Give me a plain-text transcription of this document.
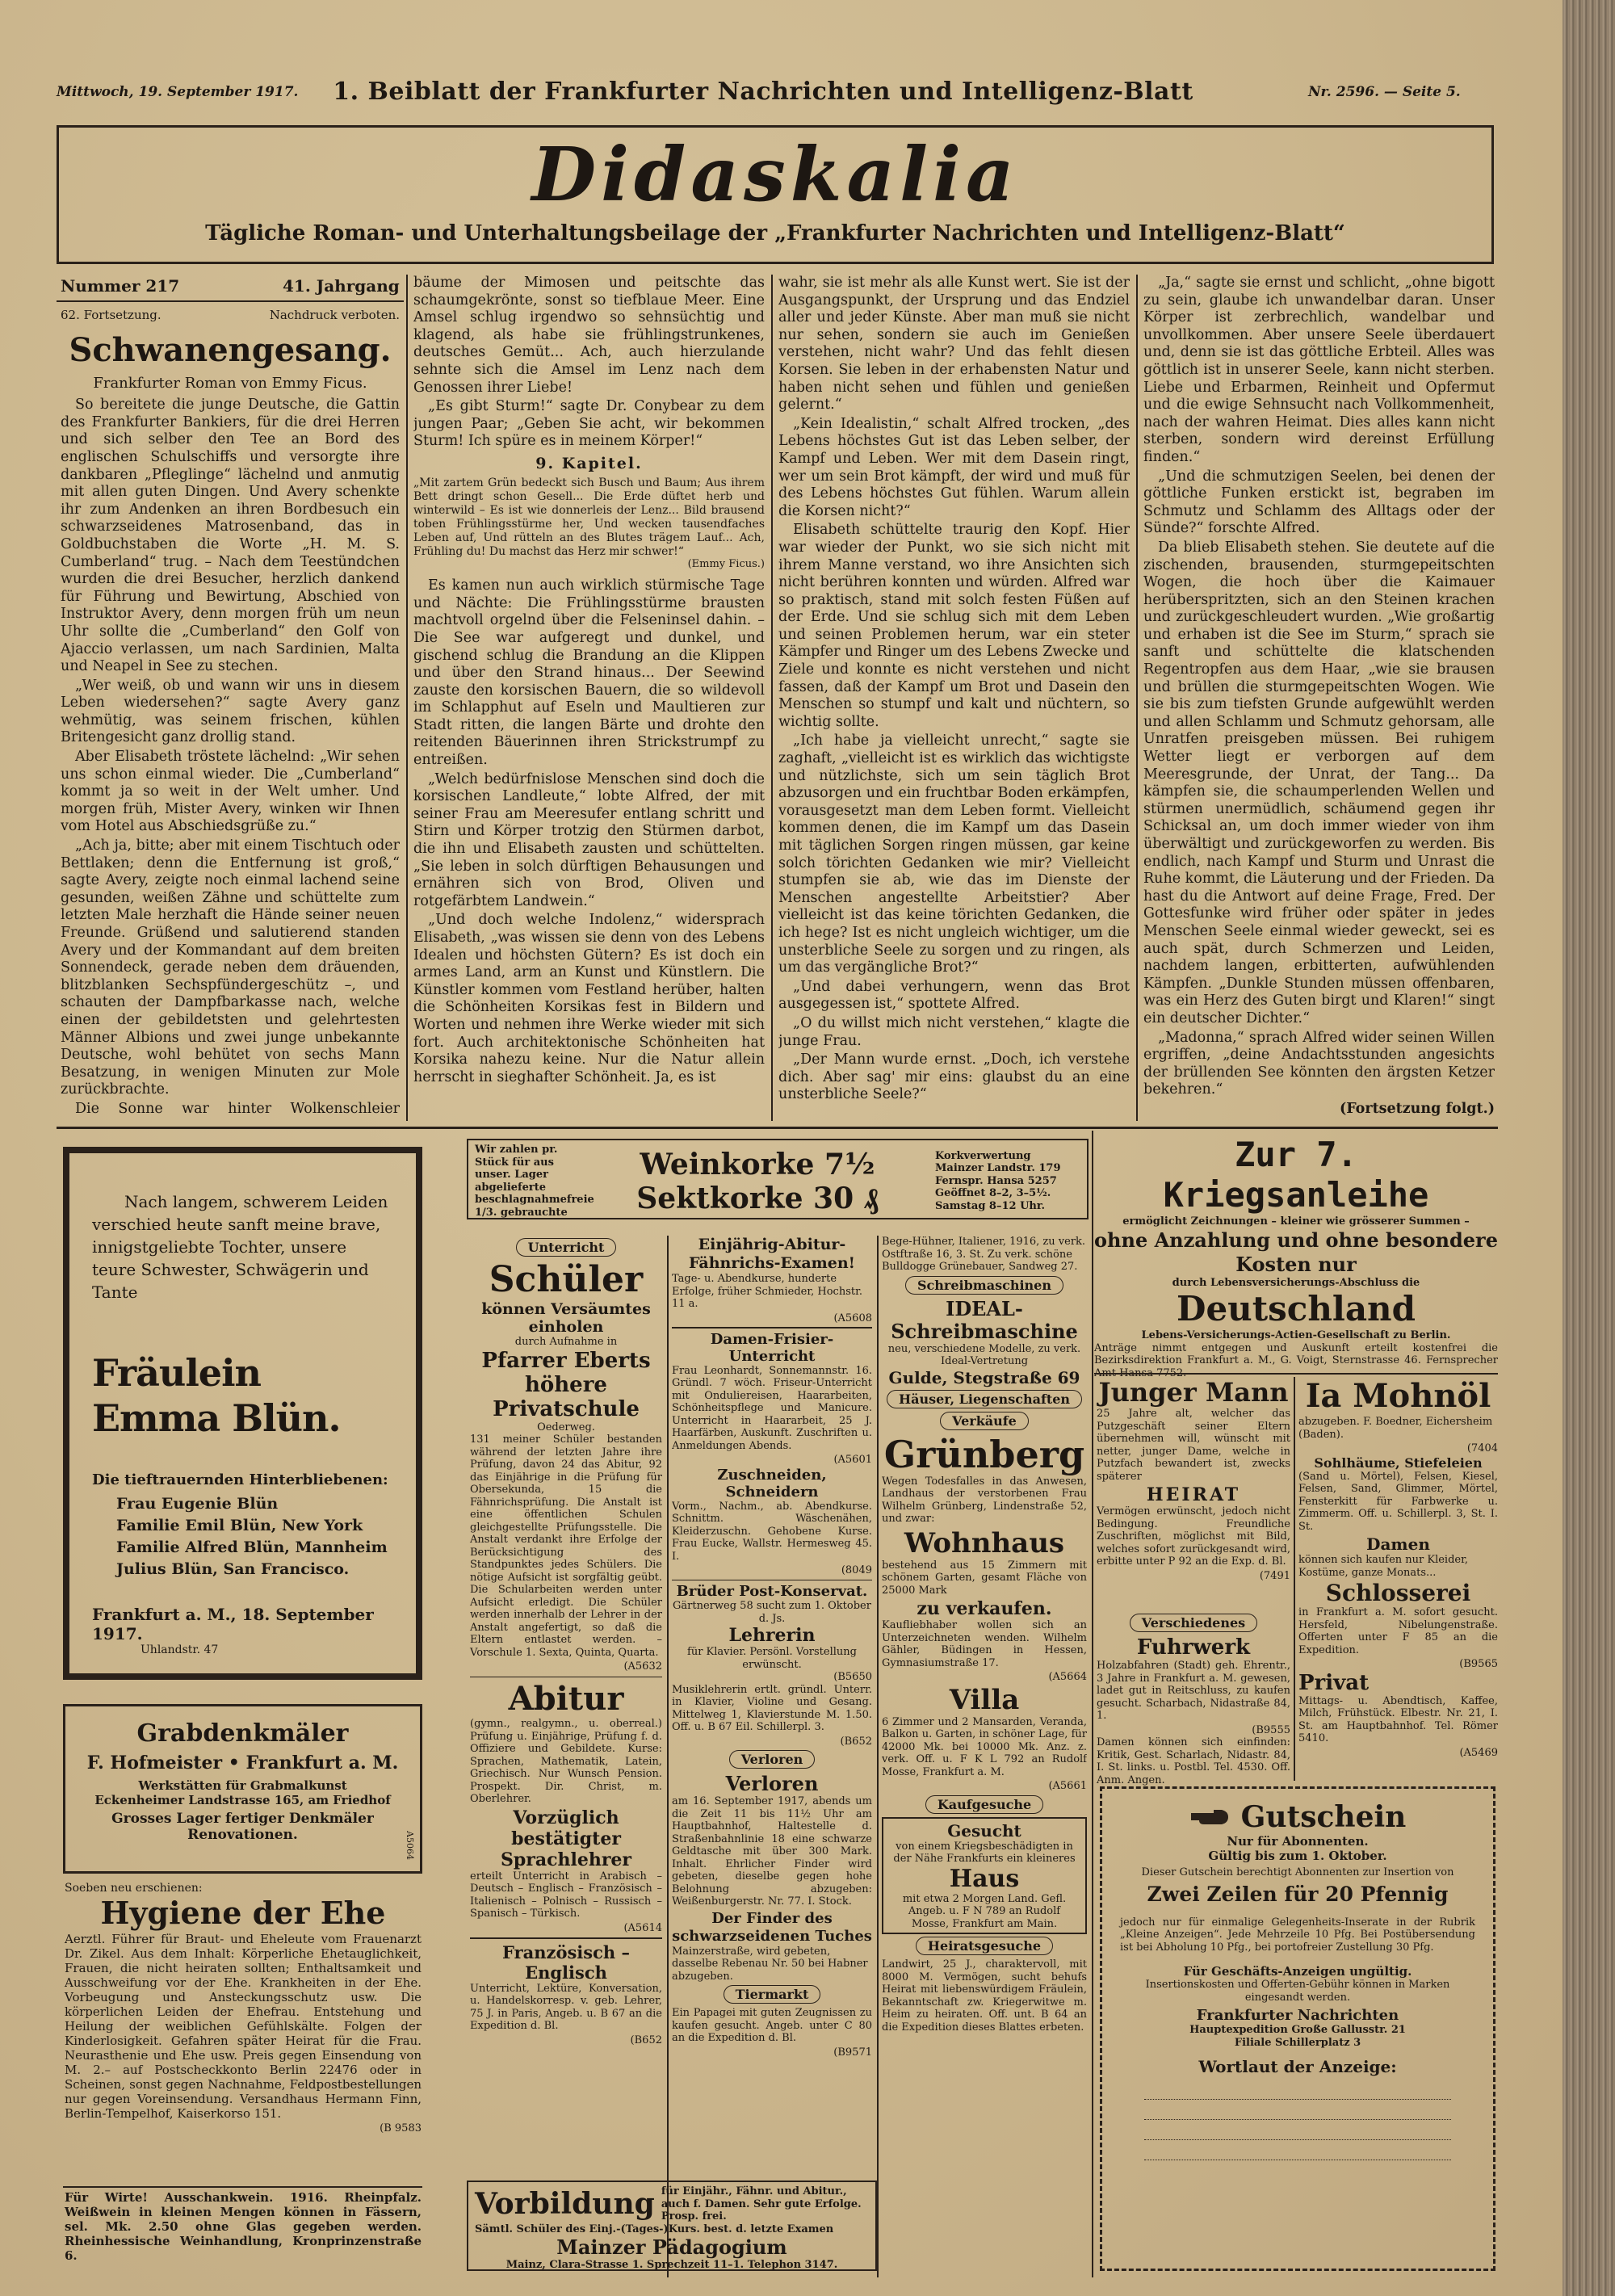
Mittwoch, 19. September 1917.	1. Beiblatt der Frankfurter Nachrichten und Intelligenz-Blatt	Nr. 2596. — Seite 5.
Didaskalia
Tägliche Roman- und Unterhaltungsbeilage der „Frankfurter Nachrichten und Intelligenz-Blatt“
Nummer 217	41. Jahrgang
62. Fortsetzung.	Nachdruck verboten.
Schwanengesang.
Frankfurter Roman von Emmy Ficus.

So bereitete die junge Deutsche, die Gattin des Frankfurter Bankiers, für die drei Herren und sich selber den Tee an Bord des englischen Schulschiffs und versorgte ihre dankbaren „Pfleglinge“ lächelnd und anmutig mit allen guten Dingen. Und Avery schenkte ihr zum Andenken an ihren Bordbesuch ein schwarzseidenes Matrosenband, das in Goldbuchstaben die Worte „H. M. S. Cumberland“ trug. – Nach dem Teestündchen wurden die drei Besucher, herzlich dankend für Führung und Bewirtung, Abschied von Instruktor Avery, denn morgen früh um neun Uhr sollte die „Cumberland“ den Golf von Ajaccio verlassen, um nach Sardinien, Malta und Neapel in See zu stechen.

„Wer weiß, ob und wann wir uns in diesem Leben wiedersehen?“ sagte Avery ganz wehmütig, was seinem frischen, kühlen Britengesicht ganz drollig stand.

Aber Elisabeth tröstete lächelnd: „Wir sehen uns schon einmal wieder. Die „Cumberland“ kommt ja so weit in der Welt umher. Und morgen früh, Mister Avery, winken wir Ihnen vom Hotel aus Abschiedsgrüße zu.“

„Ach ja, bitte; aber mit einem Tischtuch oder Bettlaken; denn die Entfernung ist groß,“ sagte Avery, zeigte noch einmal lachend seine gesunden, weißen Zähne und schüttelte zum letzten Male herzhaft die Hände seiner neuen Freunde. Grüßend und salutierend standen Avery und der Kommandant auf dem breiten Sonnendeck, gerade neben dem dräuenden, blitzblanken Sechspfündergeschütz –, und schauten der Dampfbarkasse nach, welche einen der gebildetsten und gelehrtesten Männer Albions und zwei junge unbekannte Deutsche, wohl behütet von sechs Mann Besatzung, in wenigen Minuten zur Mole zurückbrachte.

Die Sonne war hinter Wolkenschleier

bäume der Mimosen und peitschte das schaumgekrönte, sonst so tiefblaue Meer. Eine Amsel schlug irgendwo so sehnsüchtig und klagend, als habe sie frühlingstrunkenes, deutsches Gemüt... Ach, auch hierzulande sehnte sich die Amsel im Lenz nach dem Genossen ihrer Liebe!

„Es gibt Sturm!“ sagte Dr. Conybear zu dem jungen Paar; „Geben Sie acht, wir bekommen Sturm! Ich spüre es in meinem Körper!“

9. Kapitel.

„Mit zartem Grün bedeckt sich Busch und Baum; Aus ihrem Bett dringt schon Gesell... Die Erde düftet herb und winterwild – Es ist wie donnerleis der Lenz... Bild brausend toben Frühlingsstürme her, Und wecken tausendfaches Leben auf, Und rütteln an des Blutes trägem Lauf... Ach, Frühling du! Du machst das Herz mir schwer!“

(Emmy Ficus.)

Es kamen nun auch wirklich stürmische Tage und Nächte: Die Frühlingsstürme brausten machtvoll orgelnd über die Felseninsel dahin. – Die See war aufgeregt und dunkel, und gischend schlug die Brandung an die Klippen und über den Strand hinaus... Der Seewind zauste den korsischen Bauern, die so wildevoll im Schlapphut auf Eseln und Maultieren zur Stadt ritten, die langen Bärte und drohte den reitenden Bäuerinnen ihren Strickstrumpf zu entreißen.

„Welch bedürfnislose Menschen sind doch die korsischen Landleute,“ lobte Alfred, der mit seiner Frau am Meeresufer entlang schritt und Stirn und Körper trotzig den Stürmen darbot, die ihn und Elisabeth zausten und schüttelten. „Sie leben in solch dürftigen Behausungen und ernähren sich von Brod, Oliven und rotgefärbtem Landwein.“

„Und doch welche Indolenz,“ widersprach Elisabeth, „was wissen sie denn von des Lebens Idealen und höchsten Gütern? Es ist doch ein armes Land, arm an Kunst und Künstlern. Die Künstler kommen vom Festland herüber, halten die Schönheiten Korsikas fest in Bildern und Worten und nehmen ihre Werke wieder mit sich fort. Auch architektonische Schönheiten hat Korsika nahezu keine. Nur die Natur allein herrscht in sieghafter Schönheit. Ja, es ist

wahr, sie ist mehr als alle Kunst wert. Sie ist der Ausgangspunkt, der Ursprung und das Endziel aller und jeder Künste. Aber man muß sie nicht nur sehen, sondern sie auch im Genießen verstehen, nicht wahr? Und das fehlt diesen Korsen. Sie leben in der erhabensten Natur und haben nicht sehen und fühlen und genießen gelernt.“

„Kein Idealistin,“ schalt Alfred trocken, „des Lebens höchstes Gut ist das Leben selber, der Kampf und Leben. Wer mit dem Dasein ringt, wer um sein Brot kämpft, der wird und muß für des Lebens höchstes Gut fühlen. Warum allein die Korsen nicht?“

Elisabeth schüttelte traurig den Kopf. Hier war wieder der Punkt, wo sie sich nicht mit ihrem Manne verstand, wo ihre Ansichten sich nicht berühren konnten und würden. Alfred war so praktisch, stand mit solch festen Füßen auf der Erde. Und sie schlug sich mit dem Leben und seinen Problemen herum, war ein steter Kämpfer und Ringer um des Lebens Zwecke und Ziele und konnte es nicht verstehen und nicht fassen, daß der Kampf um Brot und Dasein den Menschen so stumpf und kalt und nüchtern, so wichtig sollte.

„Ich habe ja vielleicht unrecht,“ sagte sie zaghaft, „vielleicht ist es wirklich das wichtigste und nützlichste, sich um sein täglich Brot abzusorgen und ein fruchtbar Boden erkämpfen, vorausgesetzt man dem Leben formt. Vielleicht kommen denen, die im Kampf um das Dasein mit täglichen Sorgen ringen müssen, gar keine solch törichten Gedanken wie mir? Vielleicht stumpfen sie ab, wie das im Dienste der Menschen angestellte Arbeitstier? Aber vielleicht ist das keine törichten Gedanken, die ich hege? Ist es nicht ungleich wichtiger, um die unsterbliche Seele zu sorgen und zu ringen, als um das vergängliche Brot?“

„Und dabei verhungern, wenn das Brot ausgegessen ist,“ spottete Alfred.

„O du willst mich nicht verstehen,“ klagte die junge Frau.

„Der Mann wurde ernst. „Doch, ich verstehe dich. Aber sag' mir eins: glaubst du an eine unsterbliche Seele?“

„Ja,“ sagte sie ernst und schlicht, „ohne bigott zu sein, glaube ich unwandelbar daran. Unser Körper ist zerbrechlich, wandelbar und unvollkommen. Aber unsere Seele überdauert und, denn sie ist das göttliche Erbteil. Alles was göttlich ist in unserer Seele, kann nicht sterben. Liebe und Erbarmen, Reinheit und Opfermut und die ewige Sehnsucht nach Vollkommenheit, nach der wahren Heimat. Dies alles kann nicht sterben, sondern wird dereinst Erfüllung finden.“

„Und die schmutzigen Seelen, bei denen der göttliche Funken erstickt ist, begraben im Schmutz und Schlamm des Alltags oder der Sünde?“ forschte Alfred.

Da blieb Elisabeth stehen. Sie deutete auf die zischenden, brausenden, sturmgepeitschten Wogen, die hoch über die Kaimauer herüberspritzten, sich an den Steinen krachen und zurückgeschleudert wurden. „Wie großartig und erhaben ist die See im Sturm,“ sprach sie sanft und schüttelte die klatschenden Regentropfen aus dem Haar, „wie sie brausen und brüllen die sturmgepeitschten Wogen. Wie sie bis zum tiefsten Grunde aufgewühlt werden und allen Schlamm und Schmutz gehorsam, alle Unratfen preisgeben müssen. Bei ruhigem Wetter liegt er verborgen auf dem Meeresgrunde, der Unrat, der Tang... Da kämpfen sie, die schaumperlenden Wellen und stürmen unermüdlich, schäumend gegen ihr Schicksal an, um doch immer wieder von ihm überwältigt und zurückgeworfen zu werden. Bis endlich, nach Kampf und Sturm und Unrast die Ruhe kommt, die Läuterung und der Frieden. Da hast du die Antwort auf deine Frage, Fred. Der Gottesfunke wird früher oder später in jedes Menschen Seele einmal wieder geweckt, sei es auch spät, durch Schmerzen und Leiden, nachdem langen, erbitterten, aufwühlenden Kämpfen. „Dunkle Stunden müssen offenbaren, was ein Herz des Guten birgt und Klaren!“ singt ein deutscher Dichter.“

„Madonna,“ sprach Alfred wider seinen Willen ergriffen, „deine Andachtsstunden angesichts der brüllenden See könnten den ärgsten Ketzer bekehren.“

(Fortsetzung folgt.)

Nach langem, schwerem Leiden verschied heute sanft meine brave, innigstgeliebte Tochter, unsere teure Schwester, Schwägerin und Tante

Fräulein Emma Blün.
Die tieftrauernden Hinterbliebenen:
Frau Eugenie Blün
Familie Emil Blün, New York
Familie Alfred Blün, Mannheim
Julius Blün, San Francisco.
Frankfurt a. M., 18. September 1917.
Uhlandstr. 47

Grabdenkmäler
F. Hofmeister • Frankfurt a. M.
Werkstätten für Grabmalkunst
Eckenheimer Landstrasse 165, am Friedhof
Grosses Lager fertiger Denkmäler
Renovationen.	A5064
Soeben neu erschienen:
Hygiene der Ehe

Aerztl. Führer für Braut- und Eheleute vom Frauenarzt Dr. Zikel. Aus dem Inhalt: Körperliche Ehetauglichkeit, Frauen, die nicht heiraten sollten; Enthaltsamkeit und Ausschweifung vor der Ehe. Krankheiten in der Ehe. Vorbeugung und Ansteckungsschutz usw. Die körperlichen Leiden der Ehefrau. Entstehung und Heilung der weiblichen Gefühlskälte. Folgen der Kinderlosigkeit. Gefahren später Heirat für die Frau. Neurasthenie und Ehe usw. Preis gegen Einsendung von M. 2.– auf Postscheckkonto Berlin 22476 oder in Scheinen, sonst gegen Nachnahme, Feldpostbestellungen nur gegen Voreinsendung. Versandhaus Hermann Finn, Berlin-Tempelhof, Kaiserkorso 151.

(B 9583
Für Wirte! Ausschankwein. 1916. Rheinpfalz. Weißwein in kleinen Mengen können in Fässern, sel. Mk. 2.50 ohne Glas gegeben werden. Rheinhessische Weinhandlung, Kronprinzenstraße 6.
Wir zahlen pr. Stück für aus unser. Lager abgelieferte beschlagnahmefreie 1/3. gebrauchte
Weinkorke 7½ Sektkorke 30 ₰
Korkverwertung Mainzer Landstr. 179 Fernspr. Hansa 5257 Geöffnet 8–2, 3–5½. Samstag 8–12 Uhr.
Unterricht
Schüler
können Versäumtes einholen
durch Aufnahme in
Pfarrer Eberts höhere Privatschule
Oederweg.

131 meiner Schüler bestanden während der letzten Jahre ihre Prüfung, davon 24 das Abitur, 92 das Einjährige in die Prüfung für Obersekunda, 15 die Fähnrichsprüfung. Die Anstalt ist eine öffentlichen Schulen gleichgestellte Prüfungsstelle. Die Anstalt verdankt ihre Erfolge der Berücksichtigung des Standpunktes jedes Schülers. Die nötige Aufsicht ist sorgfältig geübt. Die Schularbeiten werden unter Aufsicht erledigt. Die Schüler werden innerhalb der Lehrer in der Anstalt angefertigt, so daß die Eltern entlastet werden. – Vorschule 1. Sexta, Quinta, Quarta.

(A5632
Abitur

(gymn., realgymn., u. oberreal.) Prüfung u. Einjährige, Prüfung f. d. Offiziere und Gebildete. Kurse: Sprachen, Mathematik, Latein, Griechisch. Nur Wunsch Pension. Prospekt. Dir. Christ, m. Oberlehrer.

Vorzüglich bestätigter Sprachlehrer

erteilt Unterricht in Arabisch – Deutsch – Englisch – Französisch – Italienisch – Polnisch – Russisch – Spanisch – Türkisch.

(A5614
Französisch – Englisch

Unterricht, Lektüre, Konversation, u. Handelskorresp. v. geb. Lehrer, 75 J. in Paris, Angeb. u. B 67 an die Expedition d. Bl.

(B652
Vorbildung für Einjähr., Fähnr. und Abitur., auch f. Damen. Sehr gute Erfolge. Prosp. frei.
Sämtl. Schüler des Einj.-(Tages-)Kurs. best. d. letzte Examen
Mainzer Pädagogium
Mainz, Clara-Strasse 1. Sprechzeit 11–1. Telephon 3147.
Einjährig-Abitur-Fähnrichs-Examen!

Tage- u. Abendkurse, hunderte Erfolge, früher Schmieder, Hochstr. 11 a.

(A5608
Damen-Frisier-Unterricht

Frau Leonhardt, Sonnemannstr. 16. Gründl. 7 wöch. Friseur-Unterricht mit Onduliereisen, Haararbeiten, Schönheitspflege und Manicure. Unterricht in Haararbeit, 25 J. Haarfärben, Auskunft. Zuschriften u. Anmeldungen Abends.

(A5601
Zuschneiden, Schneidern

Vorm., Nachm., ab. Abendkurse. Schnittm. Wäschenähen, Kleiderzuschn. Gehobene Kurse. Frau Eucke, Wallstr. Hermesweg 45. I.

(8049
Brüder Post-Konservat.
Gärtnerweg 58 sucht zum 1. Oktober d. Js.
Lehrerin
für Klavier. Persönl. Vorstellung erwünscht.
(B5650

Musiklehrerin ertlt. gründl. Unterr. in Klavier, Violine und Gesang. Mittelweg 1, Klavierstunde M. 1.50. Off. u. B 67 Eil. Schillerpl. 3.

(B652
Verloren
Verloren

am 16. September 1917, abends um die Zeit 11 bis 11½ Uhr am Hauptbahnhof, Haltestelle d. Straßenbahnlinie 18 eine schwarze Geldtasche mit über 300 Mark. Inhalt. Ehrlicher Finder wird gebeten, dieselbe gegen hohe Belohnung abzugeben: Weißenburgerstr. Nr. 77. I. Stock.

Der Finder des schwarzseidenen Tuches

Mainzerstraße, wird gebeten, dasselbe Rebenau Nr. 50 bei Habner abzugeben.

Tiermarkt

Ein Papagei mit guten Zeugnissen zu kaufen gesucht. Angeb. unter C 80 an die Expedition d. Bl.

(B9571

Bege-Hühner, Italiener, 1916, zu verk. Ostftraße 16, 3. St. Zu verk. schöne Bulldogge Grünebauer, Sandweg 27.

Schreibmaschinen
IDEAL-Schreibmaschine
neu, verschiedene Modelle, zu verk. Ideal-Vertretung
Gulde, Stegstraße 69
Häuser, Liegenschaften
Verkäufe
Grünberg

Wegen Todesfalles in das Anwesen, Landhaus der verstorbenen Frau Wilhelm Grünberg, Lindenstraße 52, und zwar:

Wohnhaus

bestehend aus 15 Zimmern mit schönem Garten, gesamt Fläche von 25000 Mark

zu verkaufen.

Kaufliebhaber wollen sich an Unterzeichneten wenden. Wilhelm Gähler, Büdingen in Hessen, Gymnasiumstraße 17.

(A5664
Villa

6 Zimmer und 2 Mansarden, Veranda, Balkon u. Garten, in schöner Lage, für 42000 Mk. bei 10000 Mk. Anz. z. verk. Off. u. F K L 792 an Rudolf Mosse, Frankfurt a. M.

(A5661
Kaufgesuche
Gesucht
von einem Kriegsbeschädigten in der Nähe Frankfurts ein kleineres
Haus
mit etwa 2 Morgen Land. Gefl. Angeb. u. F N 789 an Rudolf Mosse, Frankfurt am Main.
Heiratsgesuche

Landwirt, 25 J., charaktervoll, mit 8000 M. Vermögen, sucht behufs Heirat mit liebenswürdigem Fräulein, Bekanntschaft zw. Kriegerwitwe m. Heim zu heiraten. Off. unt. B 64 an die Expedition dieses Blattes erbeten.

Zur 7. Kriegsanleihe
ermöglicht Zeichnungen – kleiner wie grösserer Summen –
ohne Anzahlung und ohne besondere Kosten nur
durch Lebensversicherungs-Abschluss die
Deutschland
Lebens-Versicherungs-Actien-Gesellschaft zu Berlin.

Anträge nimmt entgegen und Auskunft erteilt kostenfrei die Bezirksdirektion Frankfurt a. M., G. Voigt, Sternstrasse 46. Fernsprecher

Junger Mann

25 Jahre alt, welcher das Putzgeschäft seiner Eltern übernehmen will, wünscht mit netter, junger Dame, welche in Putzfach bewandert ist, zwecks späterer

HEIRAT

Vermögen erwünscht, jedoch nicht Bedingung. Freundliche Zuschriften, möglichst mit Bild, welches sofort zurückgesandt wird, erbitte unter P 92 an die Exp. d. Bl.

(7491
Ia Mohnöl

abzugeben. F. Boedner, Eichersheim (Baden).

(7404
Sohlhäume, Stiefeleien

(Sand u. Mörtel), Felsen, Kiesel, Felsen, Sand, Glimmer, Mörtel, Fensterkitt für Farbwerke u. Zimmerm. Off. u. Schillerpl. 3, St. I. St.

Damen

können sich kaufen nur Kleider, Kostüme, ganze Monats...

Schlosserei

in Frankfurt a. M. sofort gesucht. Hersfeld, Nibelungenstraße. Offerten unter F 85 an die Expedition.

(B9565
Privat

Mittags- u. Abendtisch, Kaffee, Milch, Frühstück. Elbestr. Nr. 21, I. St. am Hauptbahnhof. Tel. Römer 5410.

(A5469
Verschiedenes
Fuhrwerk

Holzabfahren (Stadt) geh. Ehrentr., 3 Jahre in Frankfurt a. M. gewesen, ladet gut in Reitschluss, zu kaufen gesucht. Scharbach, Nidastraße 84, 1.

(B9555

Damen können sich einfinden: Kritik, Gest. Scharlach, Nidastr. 84, I. St. links. u. Postbl. Tel. 4530. Off. Anm. Angen.

Gutschein
Nur für Abonnenten.
Gültig bis zum 1. Oktober.
Dieser Gutschein berechtigt Abonnenten zur Insertion von
Zwei Zeilen für 20 Pfennig

jedoch nur für einmalige Gelegenheits-Inserate in der Rubrik „Kleine Anzeigen“. Jede Mehrzeile 10 Pfg. Bei Postübersendung ist bei Abholung 10 Pfg., bei portofreier Zustellung 30 Pfg.

Für Geschäfts-Anzeigen ungültig.
Insertionskosten und Offerten-Gebühr können in Marken eingesandt werden.
Frankfurter Nachrichten
Hauptexpedition Große Gallusstr. 21
Filiale Schillerplatz 3
Wortlaut der Anzeige:
